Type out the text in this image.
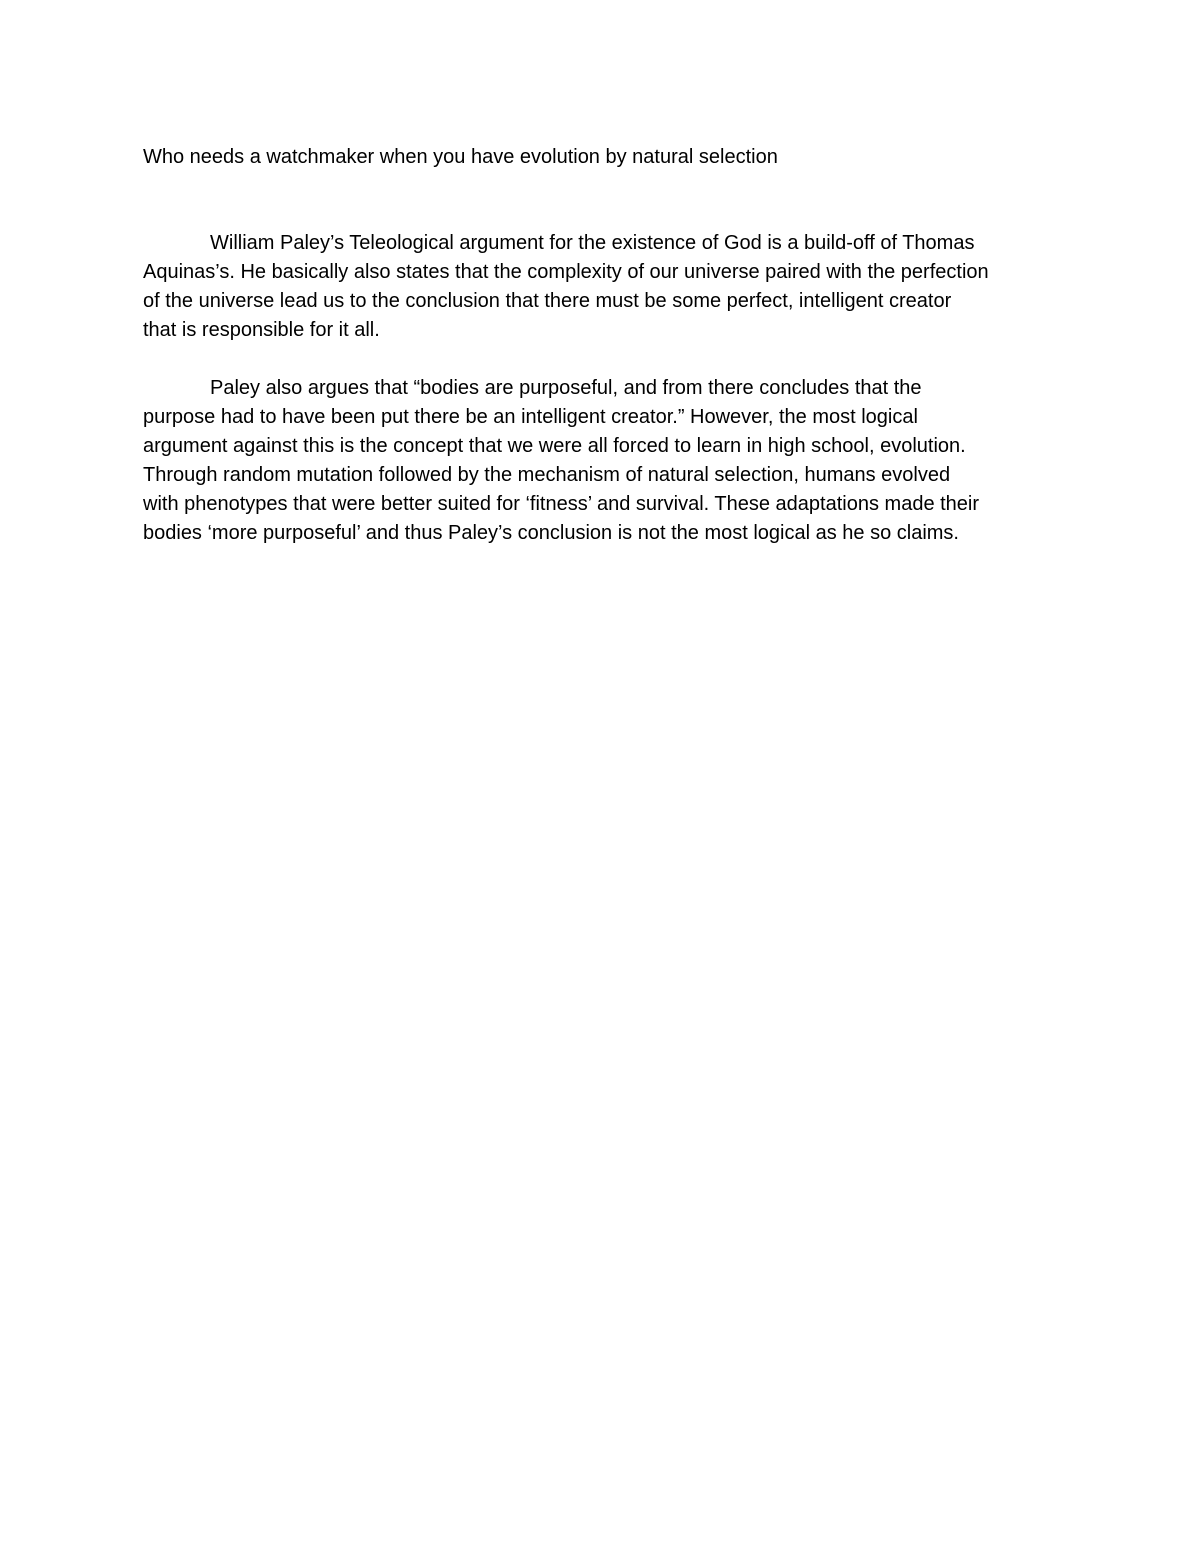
Who needs a watchmaker when you have evolution by natural selection

William Paley’s Teleological argument for the existence of God is a build-off of Thomas
Aquinas’s. He basically also states that the complexity of our universe paired with the perfection
of the universe lead us to the conclusion that there must be some perfect, intelligent creator
that is responsible for it all.

Paley also argues that “bodies are purposeful, and from there concludes that the
purpose had to have been put there be an intelligent creator.” However, the most logical
argument against this is the concept that we were all forced to learn in high school, evolution.
Through random mutation followed by the mechanism of natural selection, humans evolved
with phenotypes that were better suited for ‘fitness’ and survival. These adaptations made their
bodies ‘more purposeful’ and thus Paley’s conclusion is not the most logical as he so claims.
